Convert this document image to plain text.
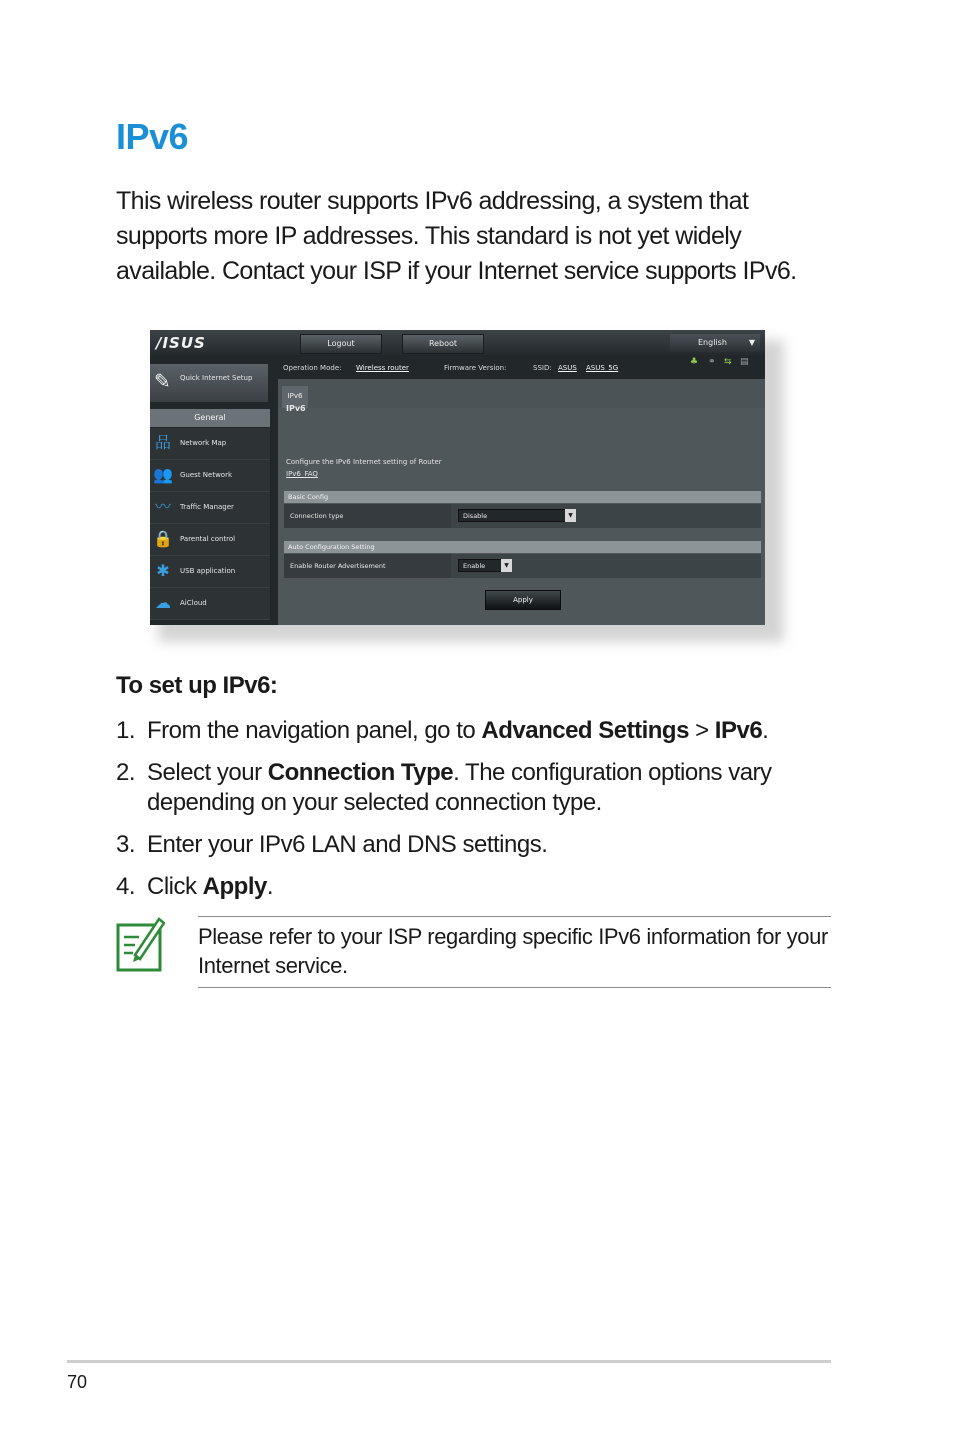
IPv6
This wireless router supports IPv6 addressing, a system that supports more IP addresses. This standard is not yet widely available. Contact your ISP if your Internet service supports IPv6.
/ISUS	Logout	Reboot	English	▼
✎ Quick Internet Setup
General
品 Network Map
👥 Guest Network
〰 Traffic Manager
🔒 Parental control
✱	USB application
☁ AiCloud
Operation Mode: Wireless router	Firmware Version:	SSID: ASUS ASUS_5G
♣ ⚭ ⇆ ▤
IPv6
IPv6
Configure the IPv6 Internet setting of Router
IPv6_FAQ
Basic Config
Connection type	Disable	▼
Auto Configuration Setting
Enable Router Advertisement	Enable	▼
Apply
To set up IPv6:
1. From the navigation panel, go to Advanced Settings > IPv6.
2. Select your Connection Type. The configuration options vary depending on your selected connection type.
3. Enter your IPv6 LAN and DNS settings.
4. Click Apply.
Please refer to your ISP regarding specific IPv6 information for your Internet service.
70
